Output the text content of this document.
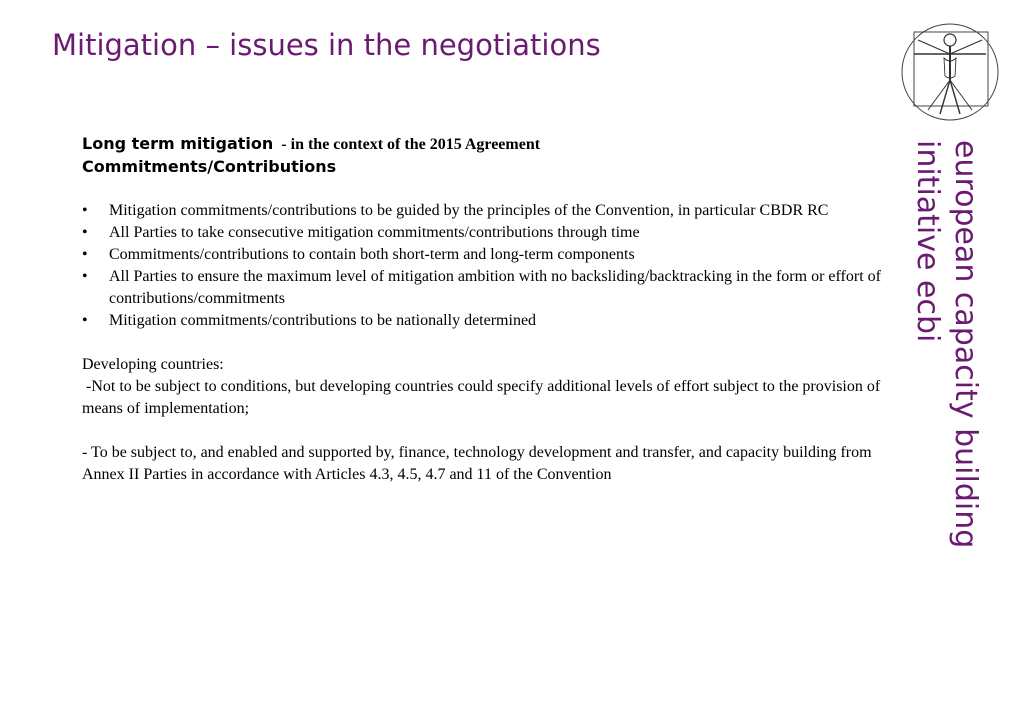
Mitigation – issues in the negotiations
european capacity building
initiative ecbi
Long term mitigation - in the context of the 2015 Agreement
Commitments/Contributions
• Mitigation commitments/contributions to be guided by the principles of the Convention, in particular CBDR RC
• All Parties to take consecutive mitigation commitments/contributions through time
• Commitments/contributions to contain both short-term and long-term components
• All Parties to ensure the maximum level of mitigation ambition with no backsliding/backtracking in the form or effort of contributions/commitments
• Mitigation commitments/contributions to be nationally determined

Developing countries:

-Not to be subject to conditions, but developing countries could specify additional levels of effort subject to the provision of means of implementation;

- To be subject to, and enabled and supported by, finance, technology development and transfer, and capacity building from Annex II Parties in accordance with Articles 4.3, 4.5, 4.7 and 11 of the Convention
